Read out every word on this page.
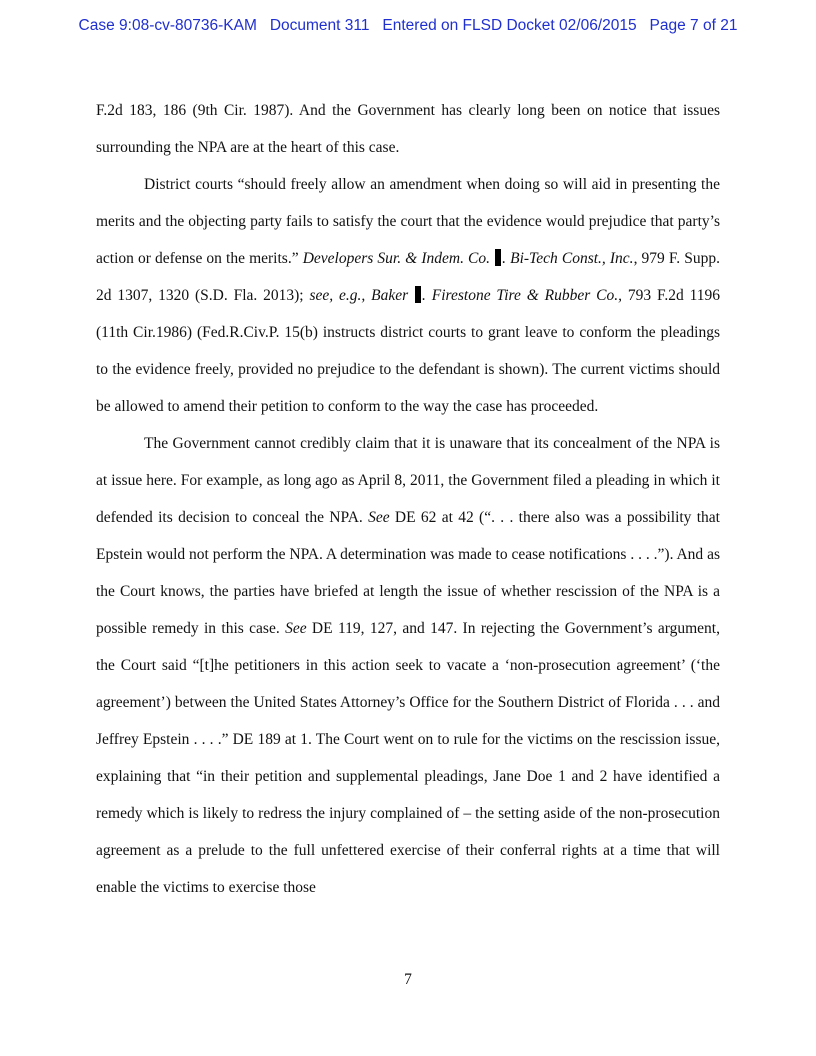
Case 9:08-cv-80736-KAM Document 311 Entered on FLSD Docket 02/06/2015 Page 7 of 21

F.2d 183, 186 (9th Cir. 1987). And the Government has clearly long been on notice that issues surrounding the NPA are at the heart of this case.

District courts “should freely allow an amendment when doing so will aid in presenting the merits and the objecting party fails to satisfy the court that the evidence would prejudice that party’s action or defense on the merits.” Developers Sur. & Indem. Co. . Bi-Tech Const., Inc., 979 F. Supp. 2d 1307, 1320 (S.D. Fla. 2013); see, e.g., Baker . Firestone Tire & Rubber Co., 793 F.2d 1196 (11th Cir.1986) (Fed.R.Civ.P. 15(b) instructs district courts to grant leave to conform the pleadings to the evidence freely, provided no prejudice to the defendant is shown). The current victims should be allowed to amend their petition to conform to the way the case has proceeded.

The Government cannot credibly claim that it is unaware that its concealment of the NPA is at issue here. For example, as long ago as April 8, 2011, the Government filed a pleading in which it defended its decision to conceal the NPA. See DE 62 at 42 (“. . . there also was a possibility that Epstein would not perform the NPA. A determination was made to cease notifications . . . .”). And as the Court knows, the parties have briefed at length the issue of whether rescission of the NPA is a possible remedy in this case. See DE 119, 127, and 147. In rejecting the Government’s argument, the Court said “[t]he petitioners in this action seek to vacate a ‘non-prosecution agreement’ (‘the agreement’) between the United States Attorney’s Office for the Southern District of Florida . . . and Jeffrey Epstein . . . .” DE 189 at 1. The Court went on to rule for the victims on the rescission issue, explaining that “in their petition and supplemental pleadings, Jane Doe 1 and 2 have identified a remedy which is likely to redress the injury complained of – the setting aside of the non-prosecution agreement as a prelude to the full unfettered exercise of their conferral rights at a time that will enable the victims to exercise those

7
